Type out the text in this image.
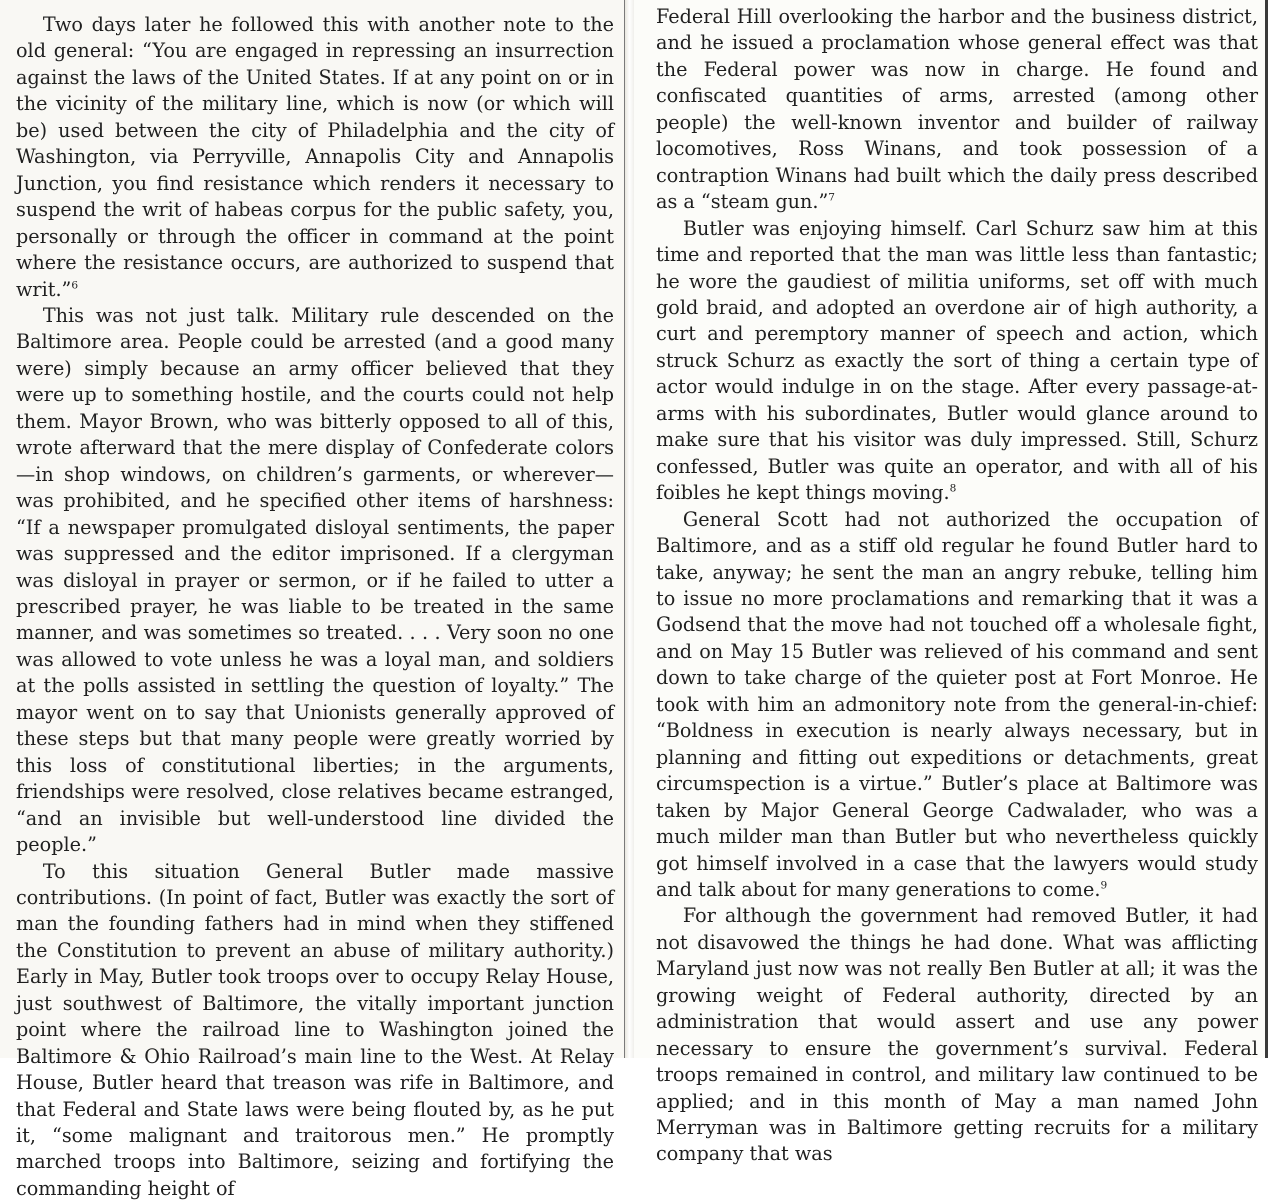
Two days later he followed this with another note to the old general: “You are engaged in repressing an insurrection against the laws of the United States. If at any point on or in the vicinity of the military line, which is now (or which will be) used between the city of Philadelphia and the city of Washington, via Perryville, Annapolis City and Annapolis Junction, you find resistance which renders it necessary to suspend the writ of habeas corpus for the public safety, you, personally or through the officer in command at the point where the resistance occurs, are authorized to suspend that writ.”$^6$

This was not just talk. Military rule descended on the Baltimore area. People could be arrested (and a good many were) simply because an army officer believed that they were up to something hostile, and the courts could not help them. Mayor Brown, who was bitterly opposed to all of this, wrote afterward that the mere display of Confederate colors—in shop windows, on children’s garments, or wherever—was prohibited, and he specified other items of harshness: “If a newspaper promulgated disloyal sentiments, the paper was suppressed and the editor imprisoned. If a clergyman was disloyal in prayer or sermon, or if he failed to utter a prescribed prayer, he was liable to be treated in the same manner, and was sometimes so treated. . . . Very soon no one was allowed to vote unless he was a loyal man, and soldiers at the polls assisted in settling the question of loyalty.” The mayor went on to say that Unionists generally approved of these steps but that many people were greatly worried by this loss of constitutional liberties; in the arguments, friendships were resolved, close relatives became estranged, “and an invisible but well-understood line divided the people.”

To this situation General Butler made massive contributions. (In point of fact, Butler was exactly the sort of man the founding fathers had in mind when they stiffened the Constitution to prevent an abuse of military authority.) Early in May, Butler took troops over to occupy Relay House, just southwest of Baltimore, the vitally important junction point where the railroad line to Washington joined the Baltimore & Ohio Railroad’s main line to the West. At Relay House, Butler heard that treason was rife in Baltimore, and that Federal and State laws were being flouted by, as he put it, “some malignant and traitorous men.” He promptly marched troops into Baltimore, seizing and fortifying the commanding height of

Federal Hill overlooking the harbor and the business district, and he issued a proclamation whose general effect was that the Federal power was now in charge. He found and confiscated quantities of arms, arrested (among other people) the well-known inventor and builder of railway locomotives, Ross Winans, and took possession of a contraption Winans had built which the daily press described as a “steam gun.”$^7$

Butler was enjoying himself. Carl Schurz saw him at this time and reported that the man was little less than fantastic; he wore the gaudiest of militia uniforms, set off with much gold braid, and adopted an overdone air of high authority, a curt and peremptory manner of speech and action, which struck Schurz as exactly the sort of thing a certain type of actor would indulge in on the stage. After every passage-at-arms with his subordinates, Butler would glance around to make sure that his visitor was duly impressed. Still, Schurz confessed, Butler was quite an operator, and with all of his foibles he kept things moving.$^8$

General Scott had not authorized the occupation of Baltimore, and as a stiff old regular he found Butler hard to take, anyway; he sent the man an angry rebuke, telling him to issue no more proclamations and remarking that it was a Godsend that the move had not touched off a wholesale fight, and on May 15 Butler was relieved of his command and sent down to take charge of the quieter post at Fort Monroe. He took with him an admonitory note from the general-in-chief: “Boldness in execution is nearly always necessary, but in planning and fitting out expeditions or detachments, great circumspection is a virtue.” Butler’s place at Baltimore was taken by Major General George Cadwalader, who was a much milder man than Butler but who nevertheless quickly got himself involved in a case that the lawyers would study and talk about for many generations to come.$^9$

For although the government had removed Butler, it had not disavowed the things he had done. What was afflicting Maryland just now was not really Ben Butler at all; it was the growing weight of Federal authority, directed by an administration that would assert and use any power necessary to ensure the government’s survival. Federal troops remained in control, and military law continued to be applied; and in this month of May a man named John Merryman was in Baltimore getting recruits for a military company that was
